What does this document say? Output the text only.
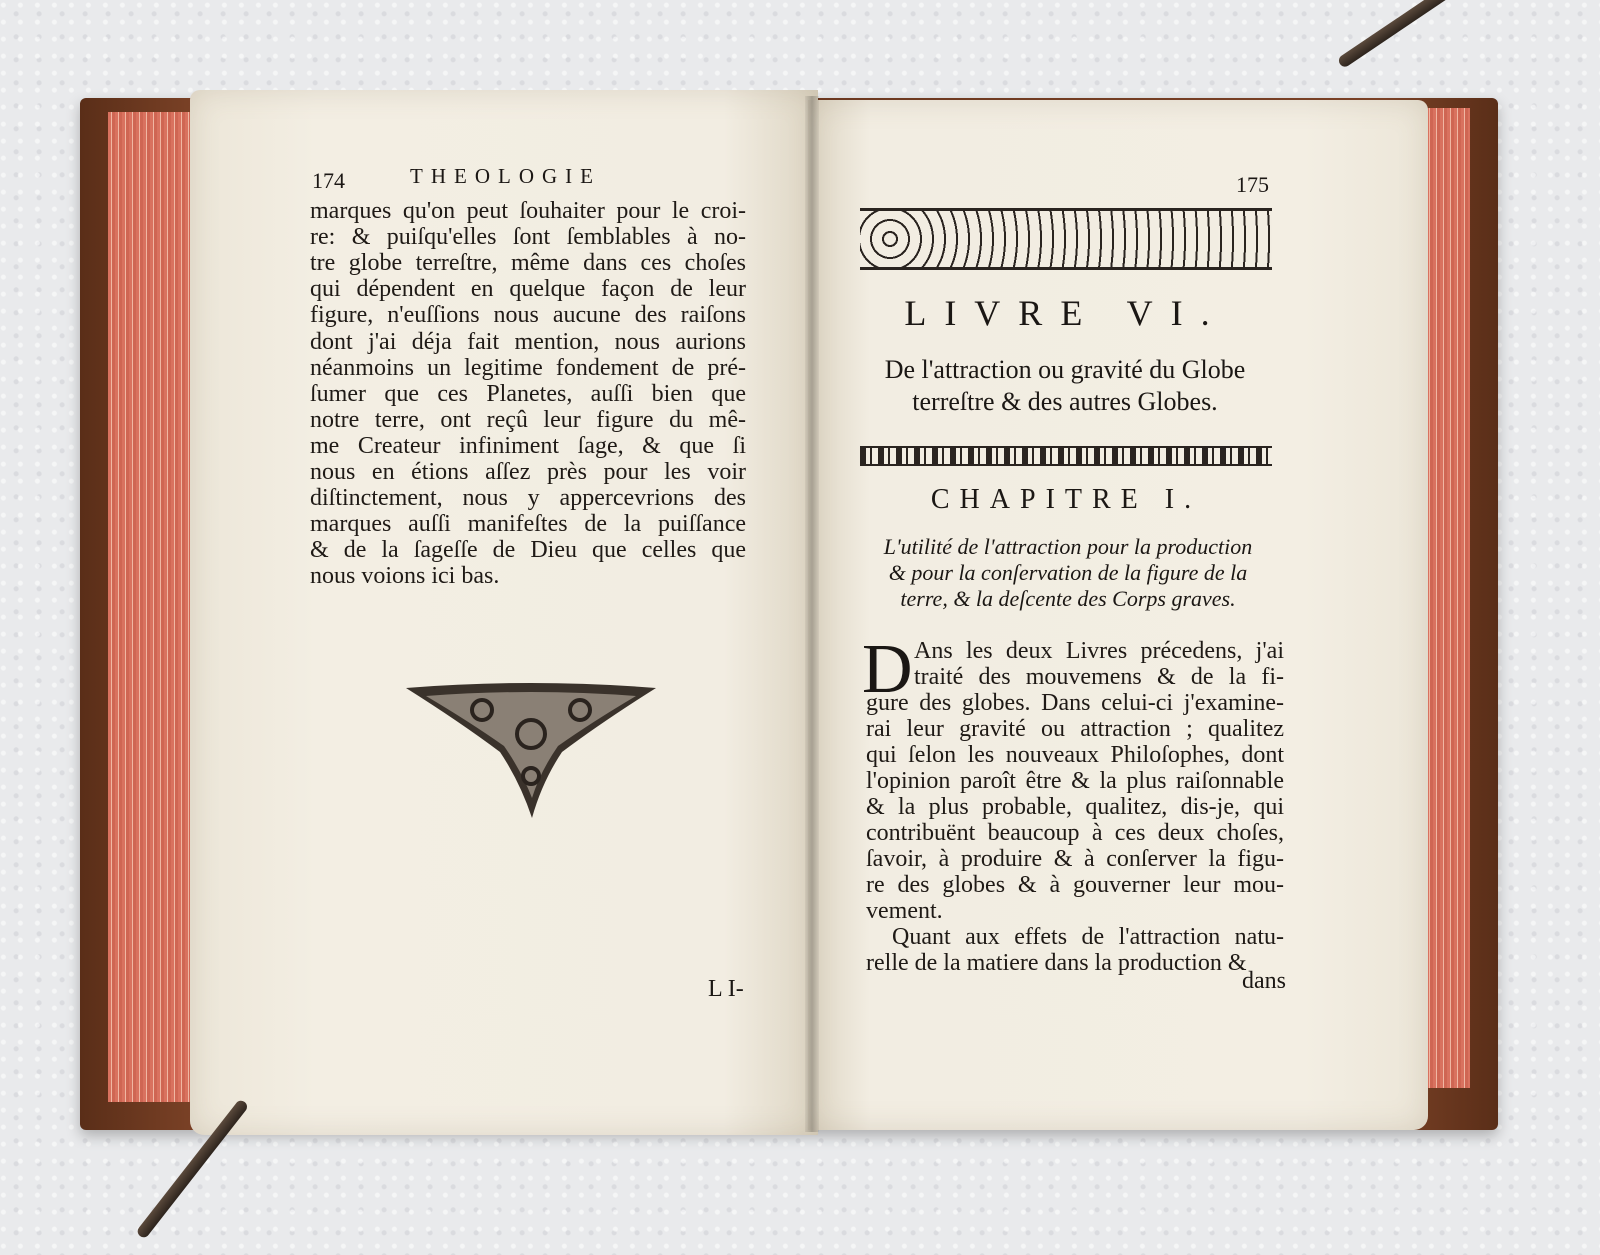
174	THEOLOGIE
marques qu'on peut ſouhaiter pour le croi-
re: & puiſqu'elles ſont ſemblables à no-
tre globe terreſtre, même dans ces choſes
qui dépendent en quelque façon de leur
figure, n'euſſions nous aucune des raiſons
dont j'ai déja fait mention, nous aurions
néanmoins un legitime fondement de pré-
ſumer que ces Planetes, auſſi bien que
notre terre, ont reçû leur figure du mê-
me Createur infiniment ſage, & que ſi
nous en étions aſſez près pour les voir
diſtinctement, nous y appercevrions des
marques auſſi manifeſtes de la puiſſance
& de la ſageſſe de Dieu que celles que
nous voions ici bas.
L I-
175
LIVRE VI.
De l'attraction ou gravité du Globe
terreſtre & des autres Globes.
CHAPITRE I.
L'utilité de l'attraction pour la production
& pour la conſervation de la figure de la
terre, & la deſcente des Corps graves.
D Ans les deux Livres précedens, j'ai
traité des mouvemens & de la fi-
gure des globes. Dans celui-ci j'examine-
rai leur gravité ou attraction ; qualitez
qui ſelon les nouveaux Philoſophes, dont
l'opinion paroît être & la plus raiſonnable
& la plus probable, qualitez, dis-je, qui
contribuënt beaucoup à ces deux choſes,
ſavoir, à produire & à conſerver la figu-
re des globes & à gouverner leur mou-
vement.
Quant aux effets de l'attraction natu-
relle de la matiere dans la production &
dans
